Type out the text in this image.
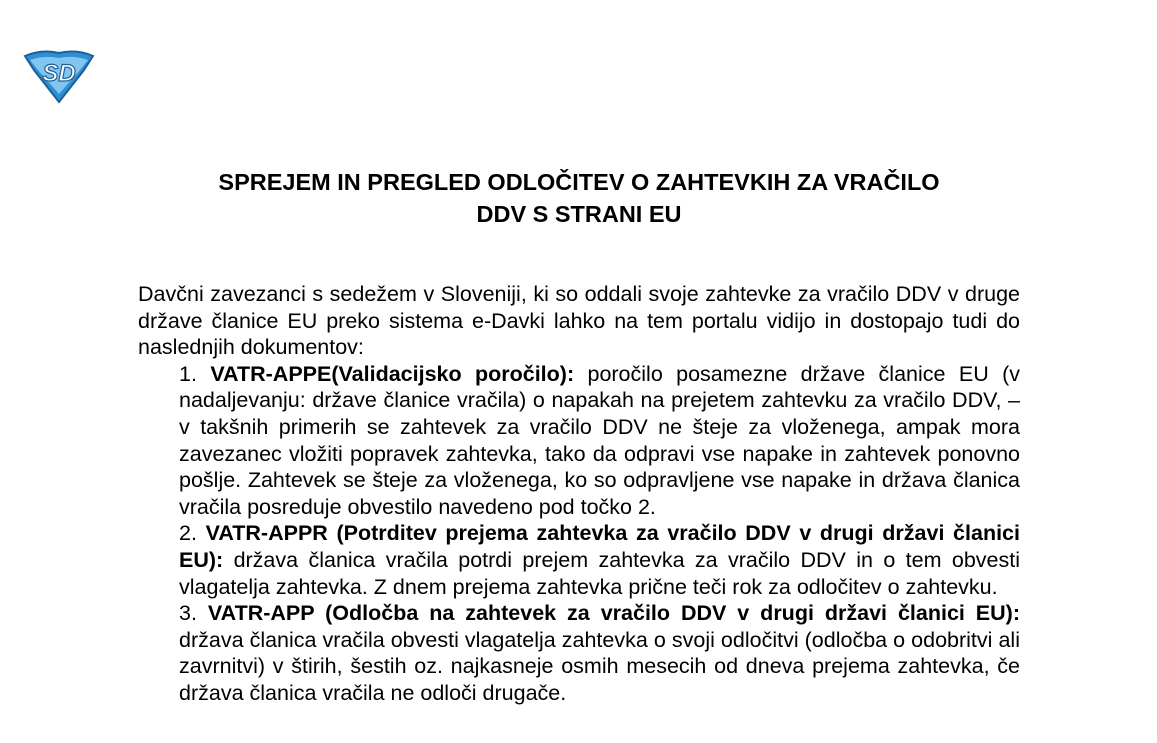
SD
SPREJEM IN PREGLED ODLOČITEV O ZAHTEVKIH ZA VRAČILO
DDV S STRANI EU

Davčni zavezanci s sedežem v Sloveniji, ki so oddali svoje zahtevke za vračilo DDV v druge države članice EU preko sistema e-Davki lahko na tem portalu vidijo in dostopajo tudi do naslednjih dokumentov:

1. VATR-APPE(Validacijsko poročilo): poročilo posamezne države članice EU (v nadaljevanju: države članice vračila) o napakah na prejetem zahtevku za vračilo DDV, – v takšnih primerih se zahtevek za vračilo DDV ne šteje za vloženega, ampak mora zavezanec vložiti popravek zahtevka, tako da odpravi vse napake in zahtevek ponovno pošlje. Zahtevek se šteje za vloženega, ko so odpravljene vse napake in država članica vračila posreduje obvestilo navedeno pod točko 2.
2. VATR-APPR (Potrditev prejema zahtevka za vračilo DDV v drugi državi članici EU): država članica vračila potrdi prejem zahtevka za vračilo DDV in o tem obvesti vlagatelja zahtevka. Z dnem prejema zahtevka prične teči rok za odločitev o zahtevku.
3. VATR-APP (Odločba na zahtevek za vračilo DDV v drugi državi članici EU): država članica vračila obvesti vlagatelja zahtevka o svoji odločitvi (odločba o odobritvi ali zavrnitvi) v štirih, šestih oz. najkasneje osmih mesecih od dneva prejema zahtevka, če država članica vračila ne odloči drugače.
